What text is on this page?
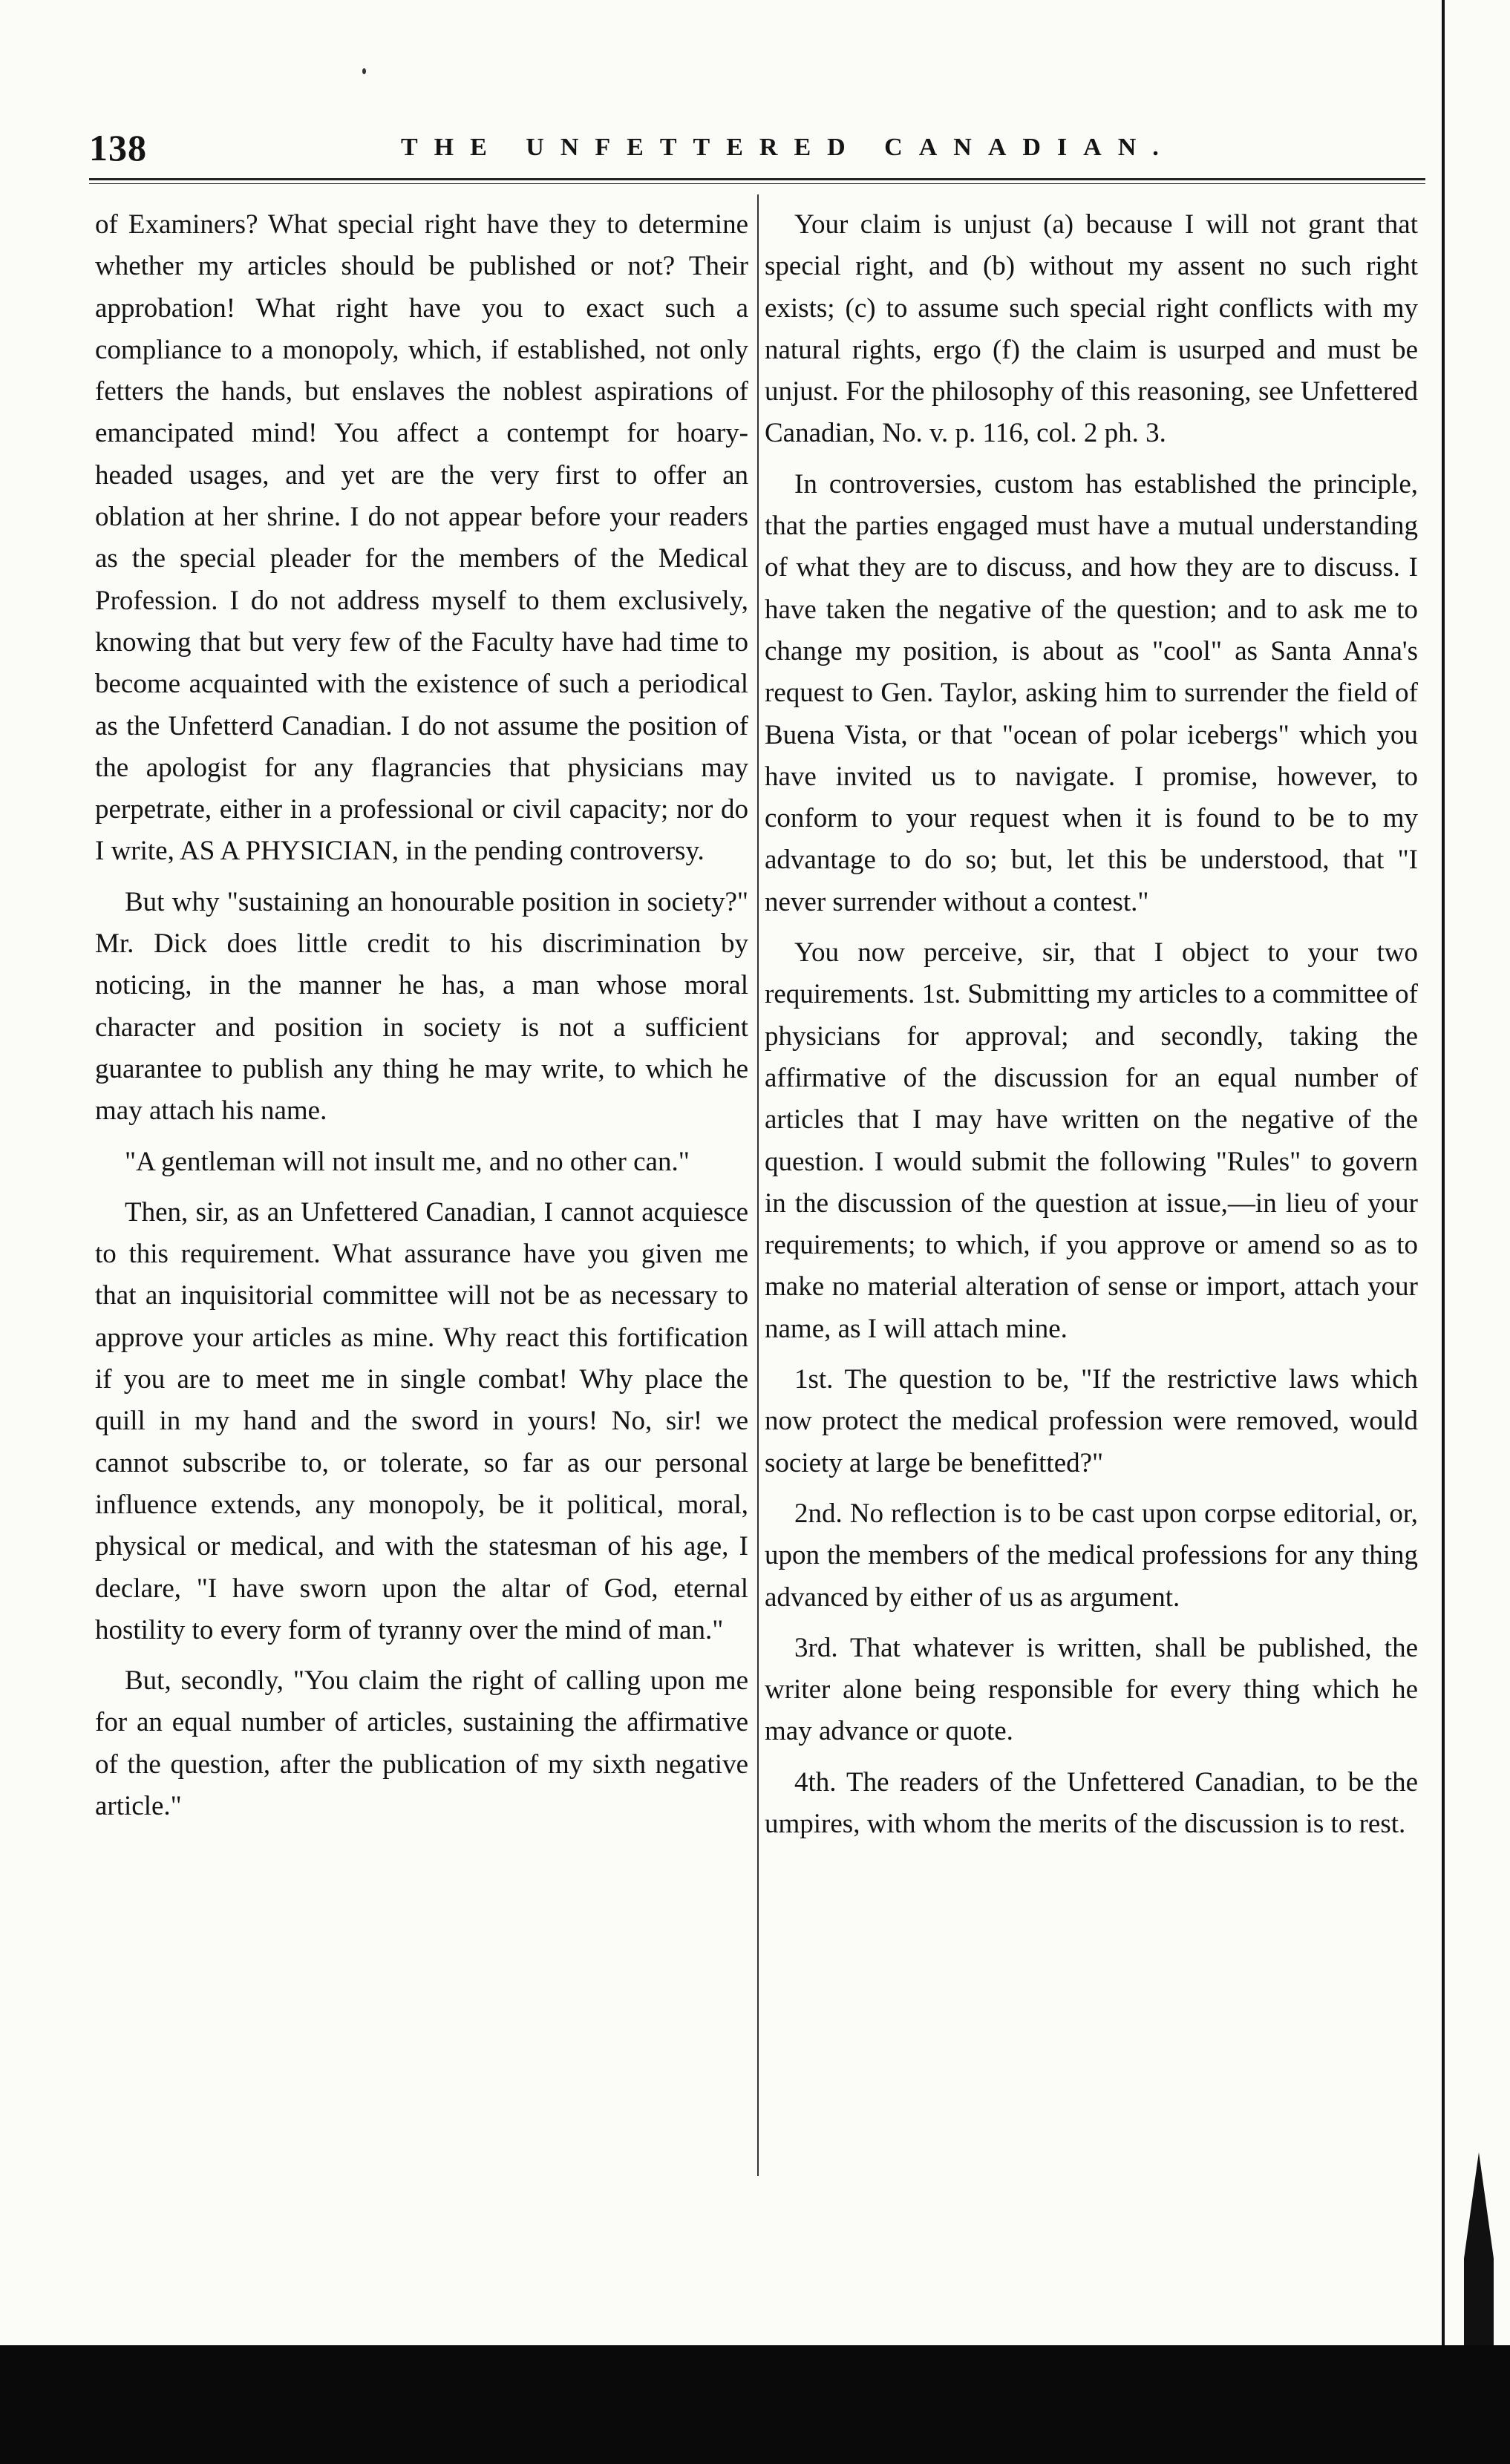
138	THE UNFETTERED CANADIAN.

of Examiners? What special right have they to determine whether my articles should be published or not? Their approbation! What right have you to exact such a compliance to a monopoly, which, if established, not only fetters the hands, but enslaves the noblest aspirations of emancipated mind! You affect a contempt for hoary-headed usages, and yet are the very first to offer an oblation at her shrine. I do not appear before your readers as the special pleader for the members of the Medical Profession. I do not address myself to them exclusively, knowing that but very few of the Faculty have had time to become acquainted with the existence of such a periodical as the Unfetterd Canadian. I do not assume the position of the apologist for any flagrancies that physicians may perpetrate, either in a professional or civil capacity; nor do I write, AS A PHYSICIAN, in the pending controversy.

But why "sustaining an honourable position in society?" Mr. Dick does little credit to his discrimination by noticing, in the manner he has, a man whose moral character and position in society is not a sufficient guarantee to publish any thing he may write, to which he may attach his name.

"A gentleman will not insult me, and no other can."

Then, sir, as an Unfettered Canadian, I cannot acquiesce to this requirement. What assurance have you given me that an inquisitorial committee will not be as necessary to approve your articles as mine. Why react this fortification if you are to meet me in single combat! Why place the quill in my hand and the sword in yours! No, sir! we cannot subscribe to, or tolerate, so far as our personal influence extends, any monopoly, be it political, moral, physical or medical, and with the statesman of his age, I declare, "I have sworn upon the altar of God, eternal hostility to every form of tyranny over the mind of man."

But, secondly, "You claim the right of calling upon me for an equal number of articles, sustaining the affirmative of the question, after the publication of my sixth negative article."

Your claim is unjust (a) because I will not grant that special right, and (b) without my assent no such right exists; (c) to assume such special right conflicts with my natural rights, ergo (f) the claim is usurped and must be unjust. For the philosophy of this reasoning, see Unfettered Canadian, No. v. p. 116, col. 2 ph. 3.

In controversies, custom has established the principle, that the parties engaged must have a mutual understanding of what they are to discuss, and how they are to discuss. I have taken the negative of the question; and to ask me to change my position, is about as "cool" as Santa Anna's request to Gen. Taylor, asking him to surrender the field of Buena Vista, or that "ocean of polar icebergs" which you have invited us to navigate. I promise, however, to conform to your request when it is found to be to my advantage to do so; but, let this be understood, that "I never surrender without a contest."

You now perceive, sir, that I object to your two requirements. 1st. Submitting my articles to a committee of physicians for approval; and secondly, taking the affirmative of the discussion for an equal number of articles that I may have written on the negative of the question. I would submit the following "Rules" to govern in the discussion of the question at issue,—in lieu of your requirements; to which, if you approve or amend so as to make no material alteration of sense or import, attach your name, as I will attach mine.

1st. The question to be, "If the restrictive laws which now protect the medical profession were removed, would society at large be benefitted?"

2nd. No reflection is to be cast upon corpse editorial, or, upon the members of the medical professions for any thing advanced by either of us as argument.

3rd. That whatever is written, shall be published, the writer alone being responsible for every thing which he may advance or quote.

4th. The readers of the Unfettered Canadian, to be the umpires, with whom the merits of the discussion is to rest.
